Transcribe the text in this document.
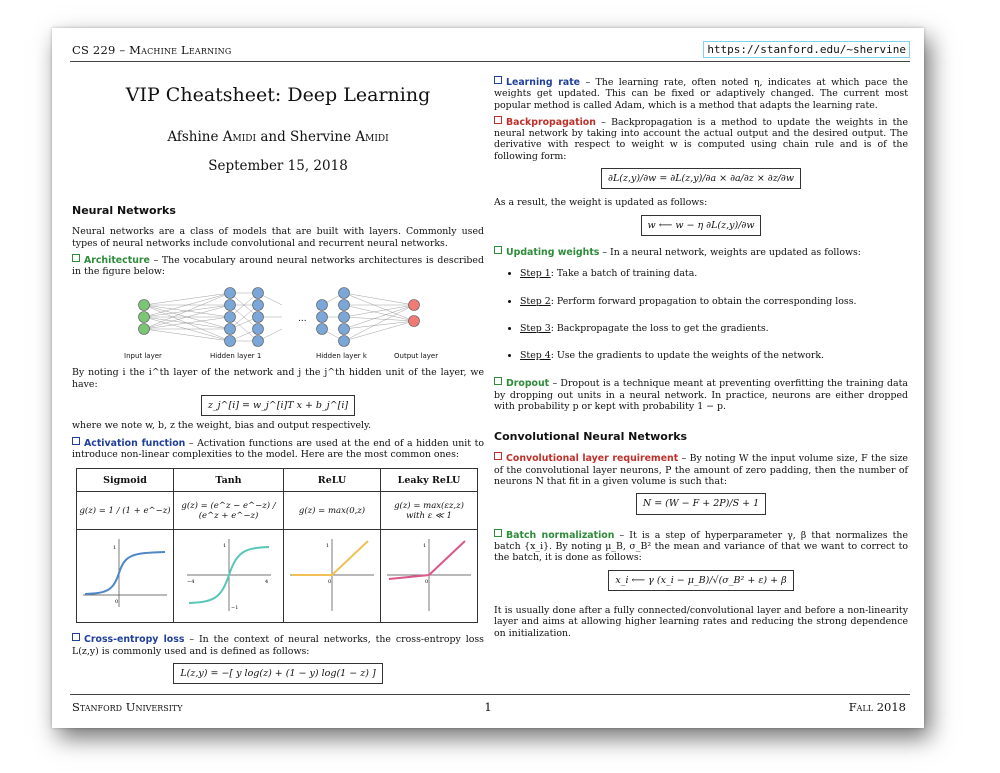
CS 229 – Machine Learning	https://stanford.edu/~shervine
VIP Cheatsheet: Deep Learning
Afshine Amidi and Shervine Amidi
September 15, 2018
Neural Networks

Neural networks are a class of models that are built with layers. Commonly used types of neural networks include convolutional and recurrent neural networks.

Architecture – The vocabulary around neural networks architectures is described in the figure below:

...
Input layer	Hidden layer 1	Hidden layer k	Output layer

By noting i the i^th layer of the network and j the j^th hidden unit of the layer, we have:

z_j^[i] = w_j^[i]T x + b_j^[i]

where we note w, b, z the weight, bias and output respectively.

Activation function – Activation functions are used at the end of a hidden unit to introduce non-linear complexities to the model. Here are the most common ones:

Sigmoid	Tanh	ReLU	Leaky ReLU
g(z) = 1 / (1 + e^−z)	g(z) = (e^z − e^−z) / (e^z + e^−z)	g(z) = max(0,z)	g(z) = max(εz,z)
with ε ≪ 1

1
0	1
−1
−4 4	1
0	1
0

Cross-entropy loss – In the context of neural networks, the cross-entropy loss L(z,y) is commonly used and is defined as follows:

L(z,y) = −[ y log(z) + (1 − y) log(1 − z) ]

Learning rate – The learning rate, often noted η, indicates at which pace the weights get updated. This can be fixed or adaptively changed. The current most popular method is called Adam, which is a method that adapts the learning rate.

Backpropagation – Backpropagation is a method to update the weights in the neural network by taking into account the actual output and the desired output. The derivative with respect to weight w is computed using chain rule and is of the following form:

∂L(z,y)/∂w = ∂L(z,y)/∂a × ∂a/∂z × ∂z/∂w

As a result, the weight is updated as follows:

w ⟵ w − η ∂L(z,y)/∂w

Updating weights – In a neural network, weights are updated as follows:

• Step 1: Take a batch of training data.
• Step 2: Perform forward propagation to obtain the corresponding loss.
• Step 3: Backpropagate the loss to get the gradients.
• Step 4: Use the gradients to update the weights of the network.

Dropout – Dropout is a technique meant at preventing overfitting the training data by dropping out units in a neural network. In practice, neurons are either dropped with probability p or kept with probability 1 − p.

Convolutional Neural Networks

Convolutional layer requirement – By noting W the input volume size, F the size of the convolutional layer neurons, P the amount of zero padding, then the number of neurons N that fit in a given volume is such that:

N = (W − F + 2P)/S + 1

Batch normalization – It is a step of hyperparameter γ, β that normalizes the batch {x_i}. By noting μ_B, σ_B² the mean and variance of that we want to correct to the batch, it is done as follows:

x_i ⟵ γ (x_i − μ_B)/√(σ_B² + ε) + β

It is usually done after a fully connected/convolutional layer and before a non-linearity layer and aims at allowing higher learning rates and reducing the strong dependence on initialization.

Stanford University	1	Fall 2018
